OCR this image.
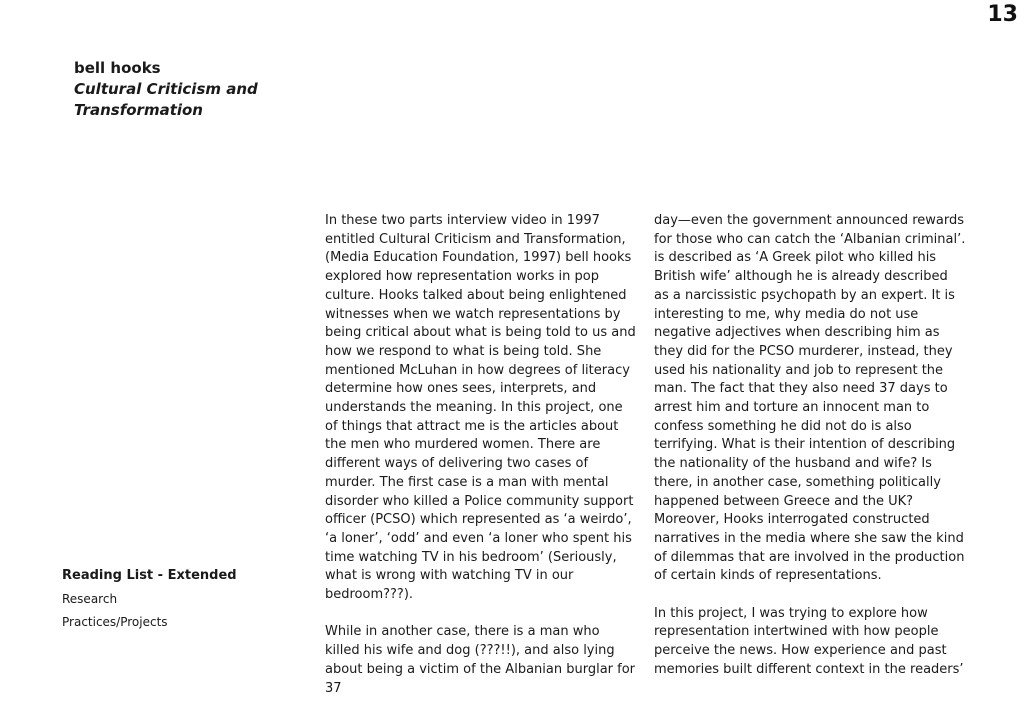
13
bell hooks
Cultural Criticism and
Transformation
Reading List - Extended
Research
Practices/Projects

In these two parts interview video in 1997 entitled Cultural Criticism and Transformation, (Media Education Foundation, 1997) bell hooks explored how representation works in pop culture. Hooks talked about being enlightened witnesses when we watch representations by being critical about what is being told to us and how we respond to what is being told. She mentioned McLuhan in how degrees of literacy determine how ones sees, interprets, and understands the meaning. In this project, one of things that attract me is the articles about the men who murdered women. There are different ways of delivering two cases of murder. The first case is a man with mental disorder who killed a Police community support officer (PCSO) which represented as ‘a weirdo’, ‘a loner’, ‘odd’ and even ‘a loner who spent his time watching TV in his bedroom’ (Seriously, what is wrong with watching TV in our bedroom???).

While in another case, there is a man who killed his wife and dog (???!!), and also lying about being a victim of the Albanian burglar for 37

day—even the government announced rewards for those who can catch the ‘Albanian criminal’. is described as ‘A Greek pilot who killed his British wife’ although he is already described as a narcissistic psychopath by an expert. It is interesting to me, why media do not use negative adjectives when describing him as they did for the PCSO murderer, instead, they used his nationality and job to represent the man. The fact that they also need 37 days to arrest him and torture an innocent man to confess something he did not do is also terrifying. What is their intention of describing the nationality of the husband and wife? Is there, in another case, something politically happened between Greece and the UK? Moreover, Hooks interrogated constructed narratives in the media where she saw the kind of dilemmas that are involved in the production of certain kinds of representations.

In this project, I was trying to explore how representation intertwined with how people perceive the news. How experience and past memories built different context in the readers’
